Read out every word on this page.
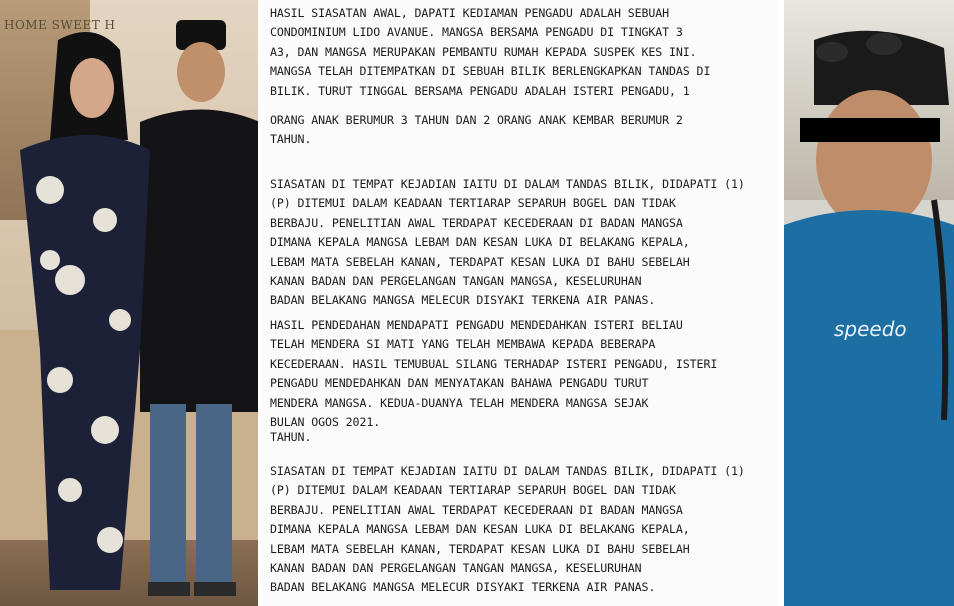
HOME SWEET H

HASIL SIASATAN AWAL, DAPATI KEDIAMAN PENGADU ADALAH SEBUAH

CONDOMINIUM LIDO AVANUE. MANGSA BERSAMA PENGADU DI TINGKAT 3

A3, DAN MANGSA MERUPAKAN PEMBANTU RUMAH KEPADA SUSPEK KES INI.

MANGSA TELAH DITEMPATKAN DI SEBUAH BILIK BERLENGKAPKAN TANDAS DI

BILIK. TURUT TINGGAL BERSAMA PENGADU ADALAH ISTERI PENGADU, 1

ORANG ANAK BERUMUR 3 TAHUN DAN 2 ORANG ANAK KEMBAR BERUMUR 2

TAHUN.

SIASATAN DI TEMPAT KEJADIAN IAITU DI DALAM TANDAS BILIK, DIDAPATI (1)

(P) DITEMUI DALAM KEADAAN TERTIARAP SEPARUH BOGEL DAN TIDAK

BERBAJU. PENELITIAN AWAL TERDAPAT KECEDERAAN DI BADAN MANGSA

DIMANA KEPALA MANGSA LEBAM DAN KESAN LUKA DI BELAKANG KEPALA,

LEBAM MATA SEBELAH KANAN, TERDAPAT KESAN LUKA DI BAHU SEBELAH

KANAN BADAN DAN PERGELANGAN TANGAN MANGSA, KESELURUHAN

BADAN BELAKANG MANGSA MELECUR DISYAKI TERKENA AIR PANAS.

HASIL PENDEDAHAN MENDAPATI PENGADU MENDEDAHKAN ISTERI BELIAU

TELAH MENDERA SI MATI YANG TELAH MEMBAWA KEPADA BEBERAPA

KECEDERAAN. HASIL TEMUBUAL SILANG TERHADAP ISTERI PENGADU, ISTERI

PENGADU MENDEDAHKAN DAN MENYATAKAN BAHAWA PENGADU TURUT

MENDERA MANGSA. KEDUA-DUANYA TELAH MENDERA MANGSA SEJAK

BULAN OGOS 2021.

TAHUN.

SIASATAN DI TEMPAT KEJADIAN IAITU DI DALAM TANDAS BILIK, DIDAPATI (1)

(P) DITEMUI DALAM KEADAAN TERTIARAP SEPARUH BOGEL DAN TIDAK

BERBAJU. PENELITIAN AWAL TERDAPAT KECEDERAAN DI BADAN MANGSA

DIMANA KEPALA MANGSA LEBAM DAN KESAN LUKA DI BELAKANG KEPALA,

LEBAM MATA SEBELAH KANAN, TERDAPAT KESAN LUKA DI BAHU SEBELAH

KANAN BADAN DAN PERGELANGAN TANGAN MANGSA, KESELURUHAN

BADAN BELAKANG MANGSA MELECUR DISYAKI TERKENA AIR PANAS.

speedo
